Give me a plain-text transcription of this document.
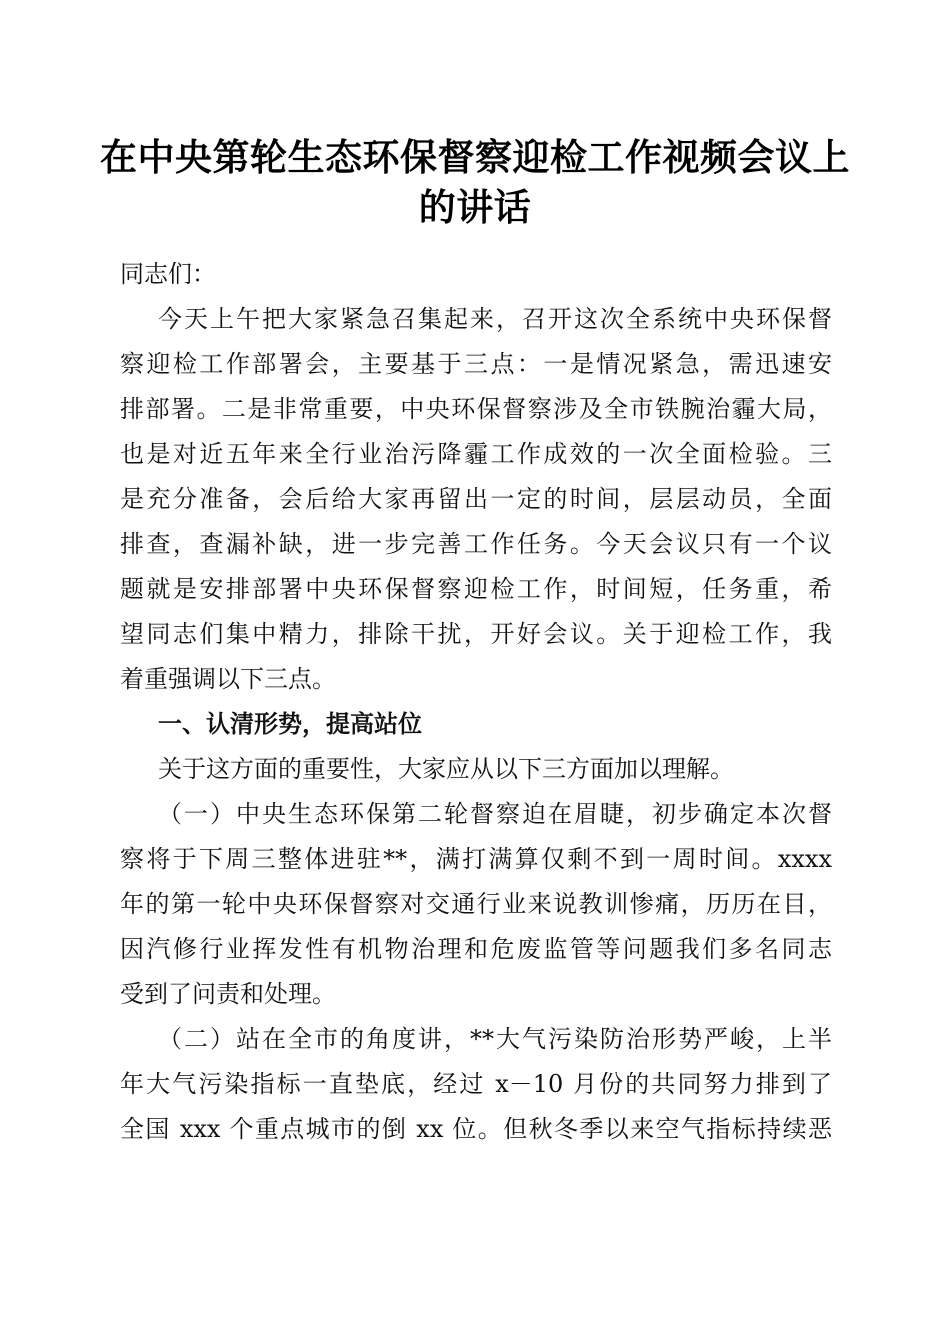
在中央第轮生态环保督察迎检工作视频会议上
的讲话
同志们：
今天上午把大家紧急召集起来，召开这次全系统中央环保督
察迎检工作部署会，主要基于三点：一是情况紧急，需迅速安
排部署。二是非常重要，中央环保督察涉及全市铁腕治霾大局，
也是对近五年来全行业治污降霾工作成效的一次全面检验。三
是充分准备，会后给大家再留出一定的时间，层层动员，全面
排查，查漏补缺，进一步完善工作任务。今天会议只有一个议
题就是安排部署中央环保督察迎检工作，时间短，任务重，希
望同志们集中精力，排除干扰，开好会议。关于迎检工作，我
着重强调以下三点。
一、认清形势，提高站位
关于这方面的重要性，大家应从以下三方面加以理解。
（一）中央生态环保第二轮督察迫在眉睫，初步确定本次督
察将于下周三整体进驻**，满打满算仅剩不到一周时间。xxxx
年的第一轮中央环保督察对交通行业来说教训惨痛，历历在目，
因汽修行业挥发性有机物治理和危废监管等问题我们多名同志
受到了问责和处理。
（二）站在全市的角度讲，**大气污染防治形势严峻，上半
年大气污染指标一直垫底，经过 x－10 月份的共同努力排到了
全国 xxx 个重点城市的倒 xx 位。但秋冬季以来空气指标持续恶
